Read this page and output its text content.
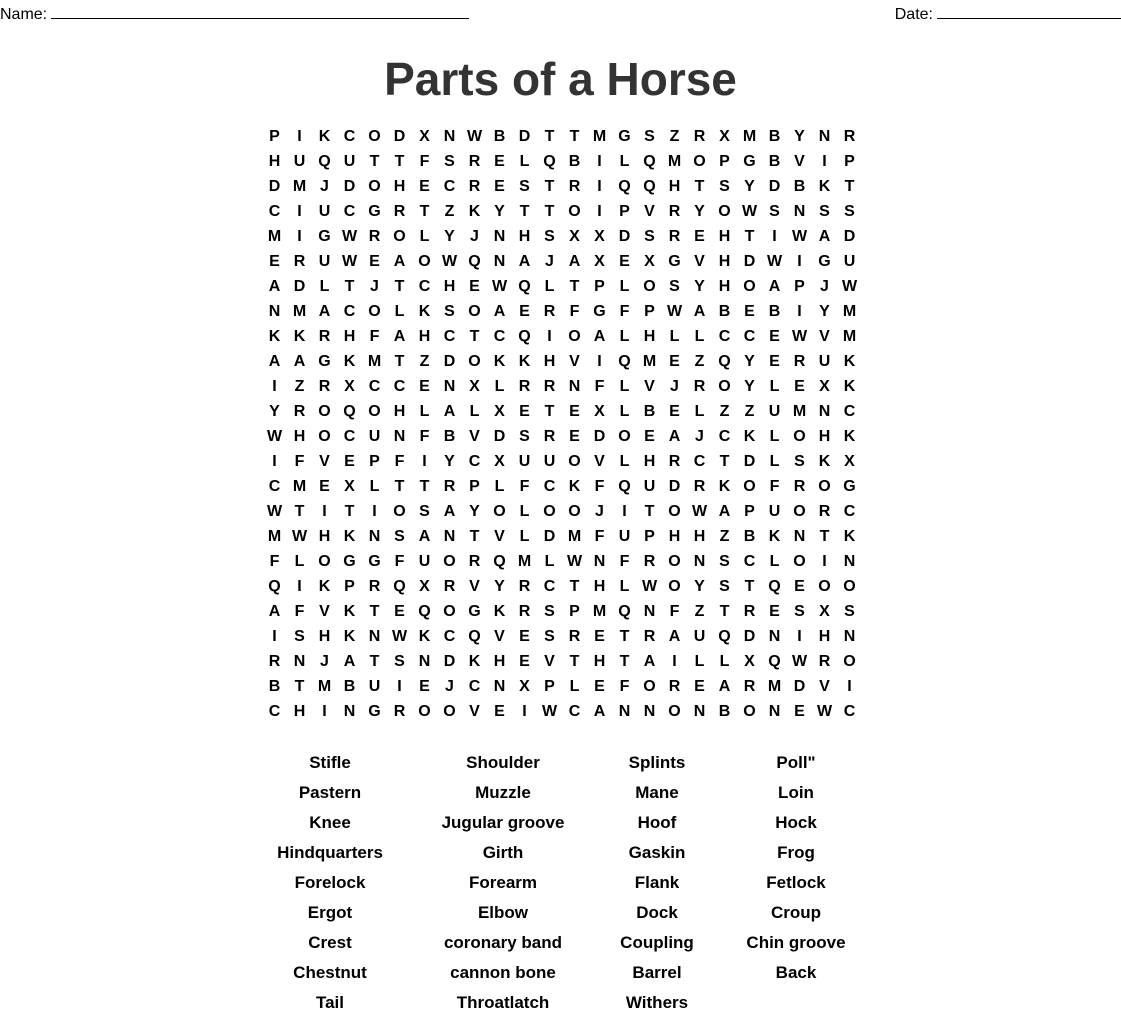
Name:	Date:
Parts of a Horse
P	I	K C O D X N W B D T T M G S Z R X M B Y N R
H U Q U T T F S R E L Q B	I	L Q M O P G B V	I	P
D M J D O H E C R E S T R	I	Q Q H T S Y D B K T
C	I	U C G R T Z K Y T T O	I	P V R Y O W S N S S
M	I	G W R O L Y J N H S X X D S R E H T	I W A D
E R U W E A O W Q N A J A X E X G V H D W I	G U
A D L T J T C H E W Q L T P L O S Y H O A P J W
N M A C O L K S O A E R F G F P W A B E B	I	Y M
K K R H F A H C T C Q	I	O A L H L L C C E W V M
A A G K M T Z D O K K H V	I	Q M E Z Q Y E R U K
I	Z R X C C E N X L R R N F L V J R O Y L E X K
Y R O Q O H L A L X E T E X L B E L Z Z U M N C
W H O C U N F B V D S R E D O E A J C K L O H K
I	F V E P F	I	Y C X U U O V L H R C T D L S K X
C M E X L T T R P L F C K F Q U D R K O F R O G
W T	I	T	I	O S A Y O L O O J	I	T O W A P U O R C
M W H K N S A N T V L D M F U P H H Z B K N T K
F L O G G F U O R Q M L W N F R O N S C L O	I	N
Q	I	K P R Q X R V Y R C T H L W O Y S T Q E O O
A F V K T E Q O G K R S P M Q N F Z T R E S X S
I	S H K N W K C Q V E S R E T R A U Q D N	I	H N
R N J A T S N D K H E V T H T A	I	L L X Q W R O
B T M B U	I	E J C N X P L E F O R E A R M D V	I
C H	I	N G R O O V E	I W C A N N O N B O N E W C
Stifle	Shoulder	Splints	Poll"
Pastern	Muzzle	Mane	Loin
Knee	Jugular groove	Hoof	Hock
Hindquarters	Girth	Gaskin	Frog
Forelock	Forearm	Flank	Fetlock
Ergot	Elbow	Dock	Croup
Crest	coronary band	Coupling	Chin groove
Chestnut	cannon bone	Barrel	Back
Tail	Throatlatch	Withers
